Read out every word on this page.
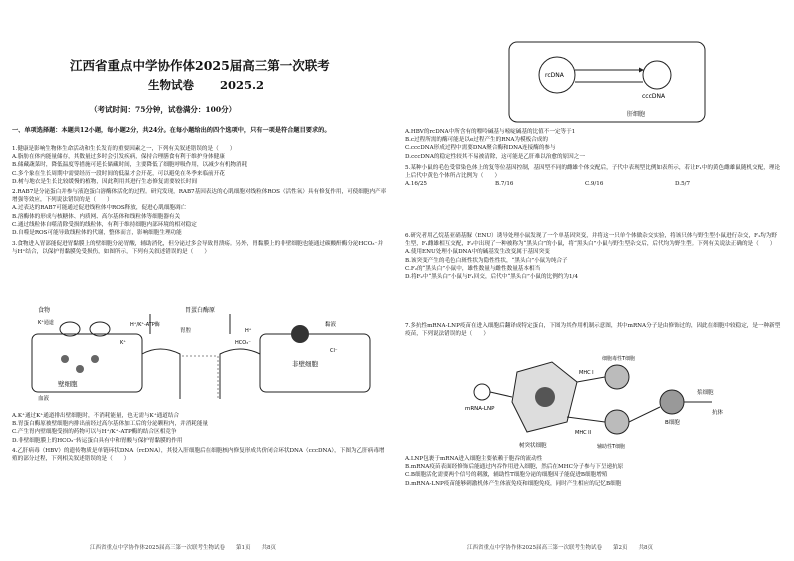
江西省重点中学协作体2025届高三第一次联考
生物试卷 2025.2
（考试时间：75分钟，试卷满分：100分）
一、单项选择题：本题共12小题，每小题2分，共24分。在每小题给出的四个选项中，只有一项是符合题目要求的。
1.健康是影响生物体生命活动和生长发育的重要因素之一，下列有关叙述错误的是（　　）
A.脂肪在体内能量储存，其数量过多时会引发疾病，保持合理膳食有利于维护身体健康
B.储藏蔬菜时，降低温度等措施可延长储藏时间，主要降低了细胞呼吸作用，以减少有机物消耗
C.多个象在生长周期中需要经历一段时间的低温才会开花，可以避免在冬季来临前开花
D.树与地衣是生长比较缓慢的植物，因此利用其进行生态修复需要较长时间
2.RAB7是分泌蛋白并参与液泡蛋白溶酶体活化的过程。研究发现，RAB7基因表达的心肌细胞对线粒体ROS（活性氧）具有修复作用，可使细胞内产率增强等效应，下列说法错误的是（　　）
A.过表达的RAB7可能通过促进线粒体中ROS释放，促进心肌细胞凋亡
B.溶酶体的形成与核糖体、内质网、高尔基体和线粒体等细胞器有关
C.通过线粒体自噬清除受损的线粒体，有利于维持细胞内部环境的相对稳定
D.自噬是ROS可能导致线粒体的代谢，整体而言，影响细胞生理功能
3.食物进入胃部能促进胃黏膜上的壁细胞分泌胃酸，辅助消化，但分泌过多会导致胃溃疡。另外，胃黏膜上的非壁细胞也能通过碳酸酐酶分泌HCO₃⁻并与H⁺结合，以保护胃黏膜免受损伤，如图所示，下列有关叙述错误的是（　　）
食物	胃蛋白酶原
H⁺/K⁺-ATP酶
K⁺通道
壁细胞
非壁细胞
胃腔
黏液
血液
HCO₃⁻
H⁺
K⁺
Cl⁻
A.K⁺通过K⁺通道排出壁细胞时，不消耗能量，也无需与K⁺通道结合
B.胃蛋白酶原被壁细胞内排出前经过高尔基体加工后的分泌颗粒内，并消耗能量
C.产生胃内壁细胞受损的药物可以与H⁺/K⁺-ATP酶的结合区相竞争
D.非壁细胞膜上的HCO₃⁻转运蛋白具有中和胃酸与保护胃黏膜的作用
4.乙肝病毒（HBV）的遗传物质是单链环状DNA（rcDNA），其侵入肝细胞后在细胞核内修复形成共价闭合环状DNA（cccDNA），下图为乙肝病毒增殖的部分过程，下列相关叙述错误的是（　　）
江西省重点中学协作体2025届高三第一次联考生物试卷　　第1页　　共8页
rcDNA
cccDNA
肝细胞
A.HBV的rcDNA中所含有的嘌呤碱基与嘧啶碱基的比值不一定等于1
B.c过程所需的酶可能是以e过程产生的RNA为模板合成的
C.cccDNA形成过程中需要DNA聚合酶和DNA连接酶的参与
D.cccDNA的稳定性较其不易被清除，这可能是乙肝难以治愈的原因之一
5.某种小鼠的毛色受常染色体上的复等位基因控制，基因型不同的雌雄个体交配后，子代中表现型比例如表所示，若让F₁中的黄色雌雄鼠随机交配，理论上后代中黄色个体所占比例为（　　）
A.16/25	B.7/16	C.9/16	D.5/7
6.研究者用乙烷基亚硝基脲（ENU）诱导处理小鼠发现了一个单基因突变，并将这一只单个体做杂交实验，将该只体与野生型小鼠进行杂交，F₁均为野生型，F₁雌雄相互交配，F₂中出现了一种被称为“黑头白”的小鼠，将“黑头白”小鼠与野生型杂交后，后代均为野生型。下列有关说法正确的是（　　）
A.使用ENU处理小鼠DNA中的碱基发生改变属于基因突变
B.该突变产生的毛色白斑性状为隐性性状，“黑头白”小鼠为纯合子
C.F₂的“黑头白”小鼠中，雄性数量与雌性数量基本相当
D.将F₂中“黑头白”小鼠与F₁回交，后代中“黑头白”小鼠的比例约为1/4
7.多抗性mRNA-LNP疫苗在进入细胞后翻译成特定蛋白，下图为其作用机制示意图，其中mRNA分子是由修饰过的，因此在细胞中较稳定，是一种新型疫苗，下列说法错误的是（　　）
mRNA-LNP
树突状细胞
MHC I
MHC II
细胞毒性T细胞
辅助性T细胞
B细胞
浆细胞
抗体
A.LNP包裹于mRNA进入细胞主要依赖于胞吞的流动性
B.mRNA疫苗表面经修饰后能通过内吞作用进入细胞，然后在MHC分子参与下呈递抗原
C.B细胞活化需要两个信号的刺激，辅助性T细胞分泌的细胞因子能促进B细胞增殖
D.mRNA-LNP疫苗能够刺激机体产生体液免疫和细胞免疫，同时产生相应的记忆B细胞
江西省重点中学协作体2025届高三第一次联考生物试卷　　第2页　　共8页
